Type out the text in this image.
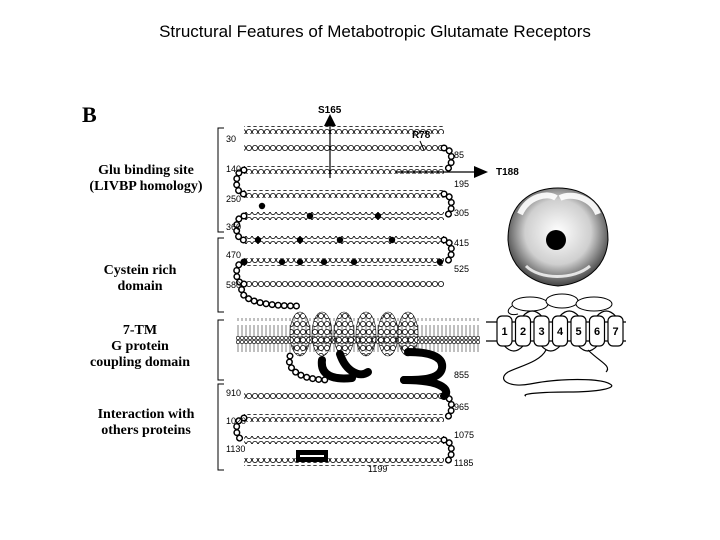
Structural Features of Metabotropic Glutamate Receptors
B
Glu binding site
(LIVBP homology)
Cystein rich
domain
7-TM
G protein
coupling domain
Interaction with
others proteins
30
140
250
360
470
580
910
1020
1130
85
195
305
415
525
855
965
1075
1185
1199
S165
R78
T188
1 2 3 4 5 6 7
